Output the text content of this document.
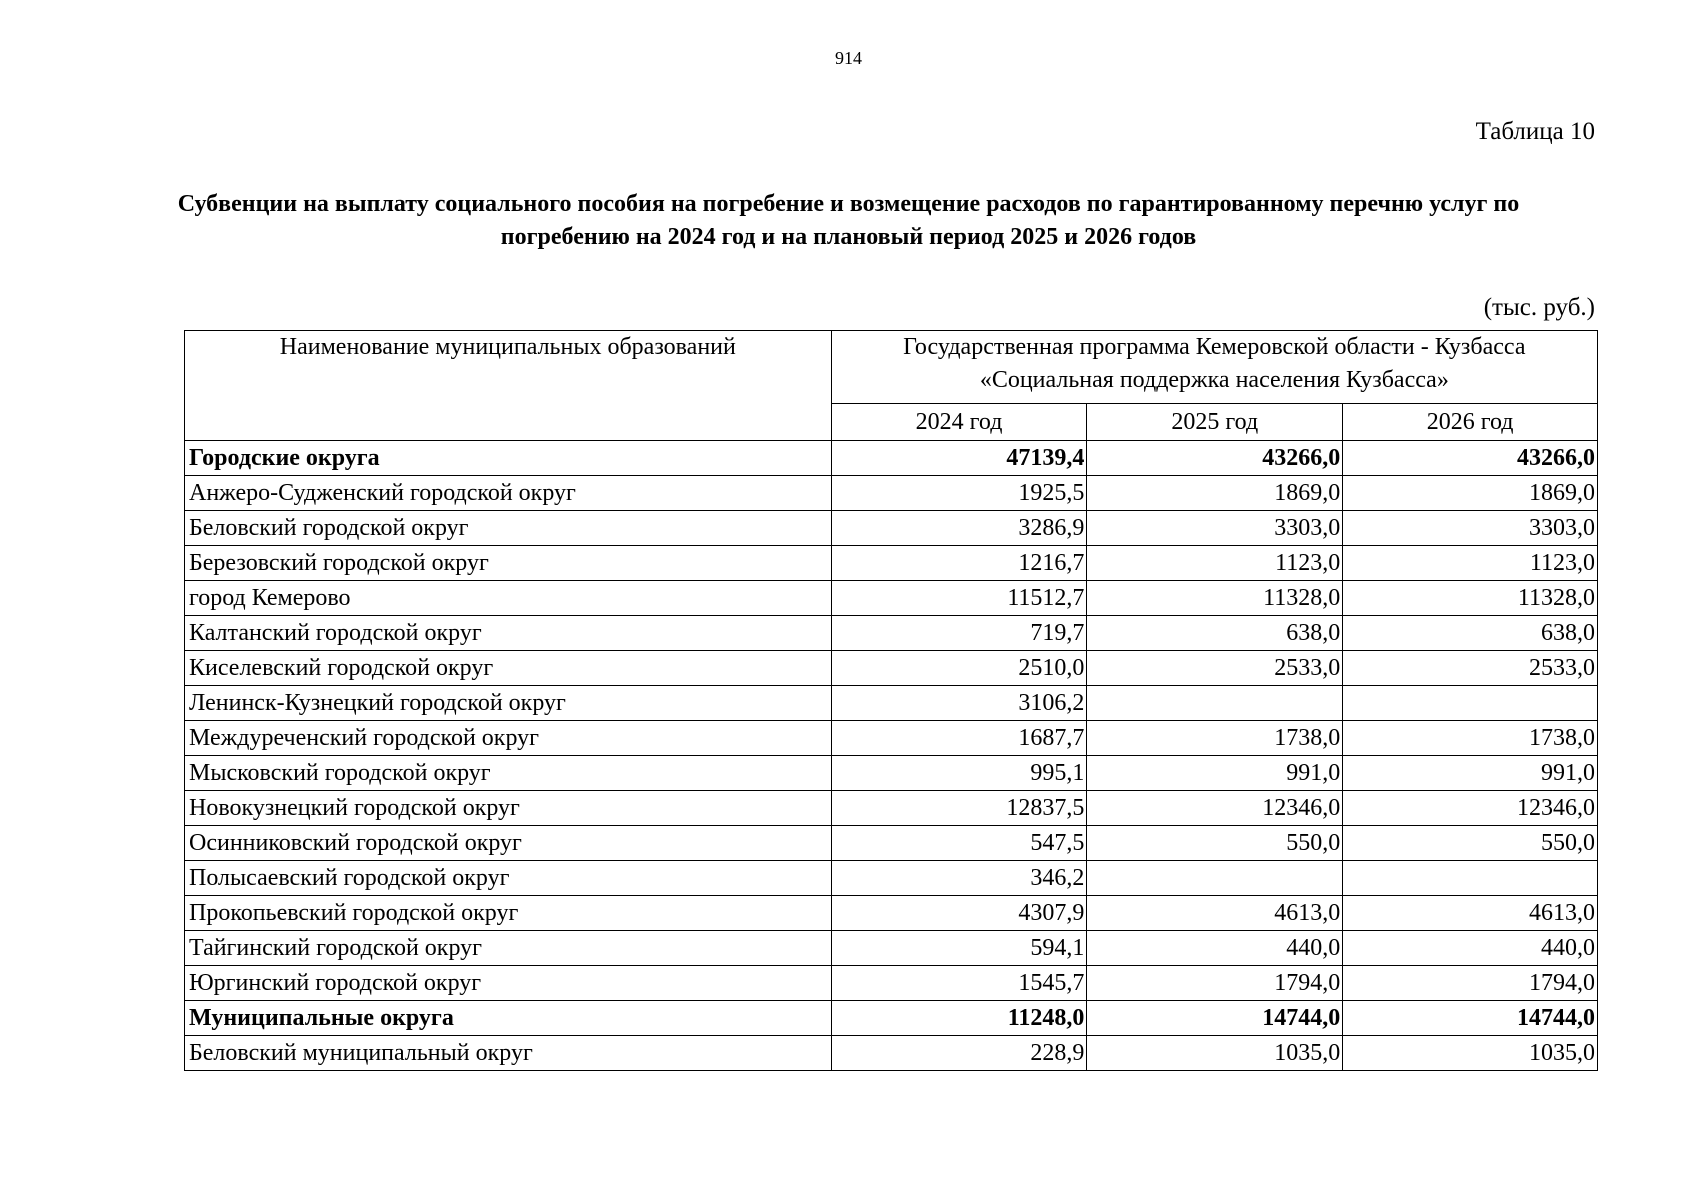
914
Таблица 10
Субвенции на выплату социального пособия на погребение и возмещение расходов по гарантированному перечню услуг по погребению на 2024 год и на плановый период 2025 и 2026 годов
(тыс. руб.)
Наименование муниципальных образований	Государственная программа Кемеровской области - Кузбасса «Социальная поддержка населения Кузбасса»		
	2024 год	2025 год	2026 год
Городские округа	47139,4	43266,0	43266,0
Анжеро-Судженский городской округ	1925,5	1869,0	1869,0
Беловский городской округ	3286,9	3303,0	3303,0
Березовский городской округ	1216,7	1123,0	1123,0
город Кемерово	11512,7	11328,0	11328,0
Калтанский городской округ	719,7	638,0	638,0
Киселевский городской округ	2510,0	2533,0	2533,0
Ленинск-Кузнецкий городской округ	3106,2		
Междуреченский городской округ	1687,7	1738,0	1738,0
Мысковский городской округ	995,1	991,0	991,0
Новокузнецкий городской округ	12837,5	12346,0	12346,0
Осинниковский городской округ	547,5	550,0	550,0
Полысаевский городской округ	346,2		
Прокопьевский городской округ	4307,9	4613,0	4613,0
Тайгинский городской округ	594,1	440,0	440,0
Юргинский городской округ	1545,7	1794,0	1794,0
Муниципальные округа	11248,0	14744,0	14744,0
Беловский муниципальный округ	228,9	1035,0	1035,0
